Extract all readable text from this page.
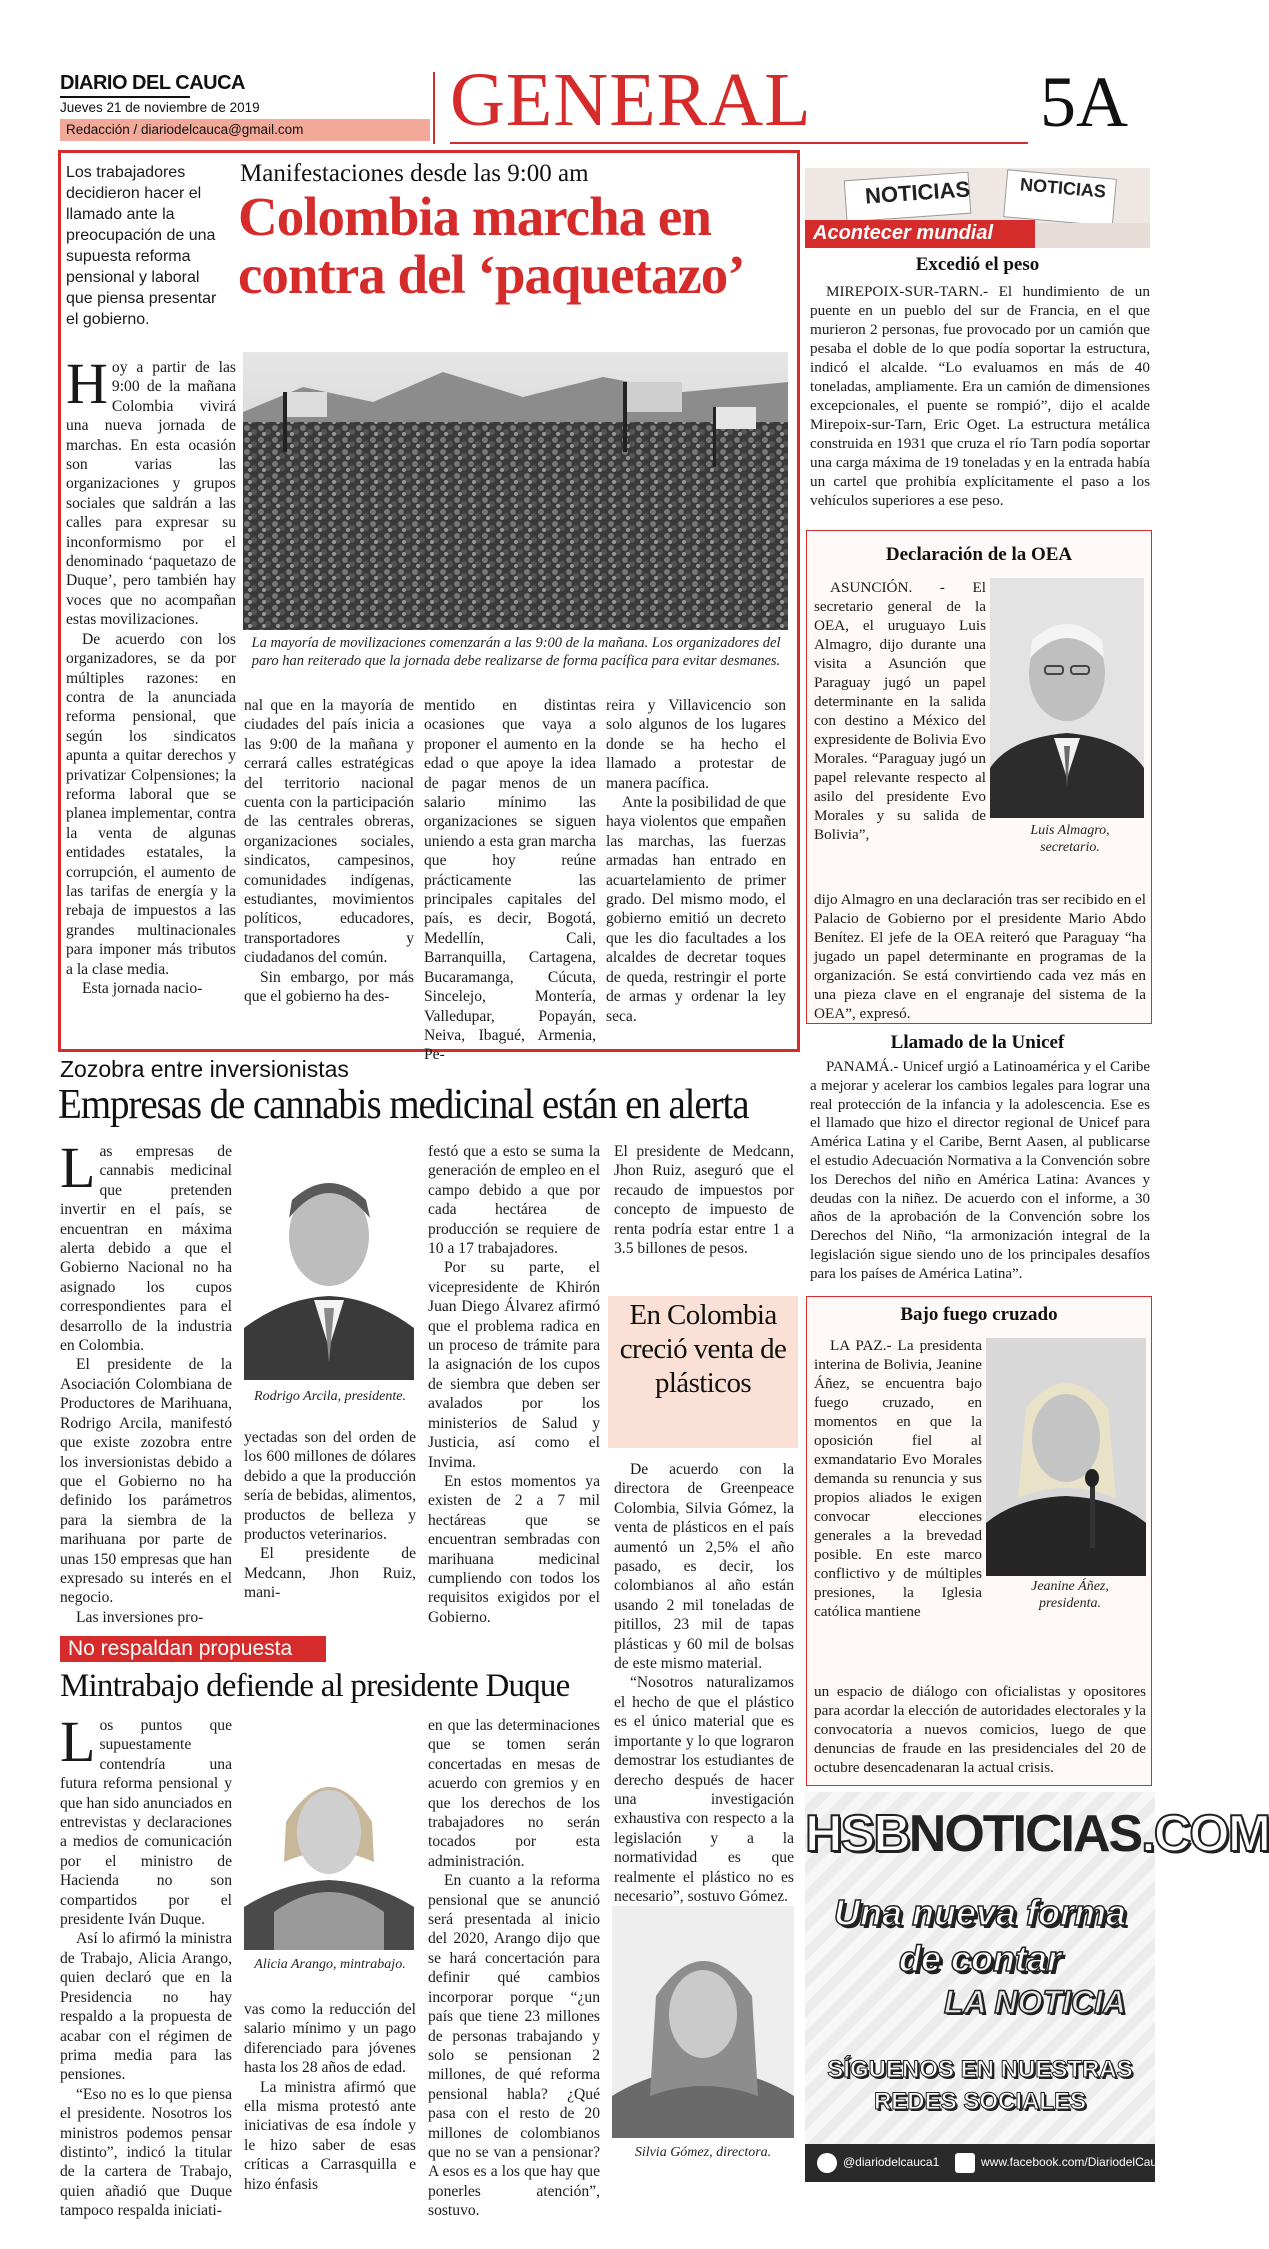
DIARIO DEL CAUCA
Jueves 21 de noviembre de 2019
Redacción / diariodelcauca@gmail.com GENERAL	5A
Los trabajadores decidieron hacer el llamado ante la preocupación de una supuesta reforma pensional y laboral que piensa presentar el gobierno.
Manifestaciones desde las 9:00 am
Colombia marcha en contra del ‘paquetazo’
La mayoría de movilizaciones comenzarán a las 9:00 de la mañana. Los organizadores del paro han reiterado que la jornada debe realizarse de forma pacífica para evitar desmanes.

Hoy a partir de las 9:00 de la mañana Colombia vivirá una nueva jornada de marchas. En esta ocasión son varias las organizaciones y grupos sociales que saldrán a las calles para expresar su inconformismo por el denominado ‘paquetazo de Duque’, pero también hay voces que no acompañan estas movilizaciones.

De acuerdo con los organizadores, se da por múltiples razones: en contra de la anunciada reforma pensional, que según los sindicatos apunta a quitar derechos y privatizar Colpensiones; la reforma laboral que se planea implementar, contra la venta de algunas entidades estatales, la corrupción, el aumento de las tarifas de energía y la rebaja de impuestos a las grandes multinacionales para imponer más tributos a la clase media.

Esta jornada nacio-

nal que en la mayoría de ciudades del país inicia a las 9:00 de la mañana y cerrará calles estratégicas del territorio nacional cuenta con la participación de las centrales obreras, organizaciones sociales, sindicatos, campesinos, comunidades indígenas, estudiantes, movimientos políticos, educadores, transportadores y ciudadanos del común.

Sin embargo, por más que el gobierno ha des-

mentido en distintas ocasiones que vaya a proponer el aumento en la edad o que apoye la idea de pagar menos de un salario mínimo las organizaciones se siguen uniendo a esta gran marcha que hoy reúne prácticamente las principales capitales del país, es decir, Bogotá, Medellín, Cali, Barranquilla, Cartagena, Bucaramanga, Cúcuta, Sincelejo, Montería, Valledupar, Popayán, Neiva, Ibagué, Armenia, Pe-

reira y Villavicencio son solo algunos de los lugares donde se ha hecho el llamado a protestar de manera pacífica.

Ante la posibilidad de que haya violentos que empañen las marchas, las fuerzas armadas han entrado en acuartelamiento de primer grado. Del mismo modo, el gobierno emitió un decreto que les dio facultades a los alcaldes de decretar toques de queda, restringir el porte de armas y ordenar la ley seca.

NOTICIAS	NOTICIAS
Acontecer mundial
Excedió el peso
MIREPOIX-SUR-TARN.- El hundimiento de un puente en un pueblo del sur de Francia, en el que murieron 2 personas, fue provocado por un camión que pesaba el doble de lo que podía soportar la estructura, indicó el alcalde. “Lo evaluamos en más de 40 toneladas, ampliamente. Era un camión de dimensiones excepcionales, el puente se rompió”, dijo el acalde Mirepoix-sur-Tarn, Eric Oget. La estructura metálica construida en 1931 que cruza el río Tarn podía soportar una carga máxima de 19 toneladas y en la entrada había un cartel que prohibía explícitamente el paso a los vehículos superiores a ese peso.
Declaración de la OEA
ASUNCIÓN. - El secretario general de la OEA, el uruguayo Luis Almagro, dijo durante una visita a Asunción que Paraguay jugó un papel determinante en la salida con destino a México del expresidente de Bolivia Evo Morales. “Paraguay jugó un papel relevante respecto al asilo del presidente Evo Morales y su salida de Bolivia”,	Luis Almagro, secretario.
dijo Almagro en una declaración tras ser recibido en el Palacio de Gobierno por el presidente Mario Abdo Benítez. El jefe de la OEA reiteró que Paraguay “ha jugado un papel determinante en programas de la organización. Se está convirtiendo cada vez más en una pieza clave en el engranaje del sistema de la OEA”, expresó.
Llamado de la Unicef
PANAMÁ.- Unicef urgió a Latinoamérica y el Caribe a mejorar y acelerar los cambios legales para lograr una real protección de la infancia y la adolescencia. Ese es el llamado que hizo el director regional de Unicef para América Latina y el Caribe, Bernt Aasen, al publicarse el estudio Adecuación Normativa a la Convención sobre los Derechos del niño en América Latina: Avances y deudas con la niñez. De acuerdo con el informe, a 30 años de la aprobación de la Convención sobre los Derechos del Niño, “la armonización integral de la legislación sigue siendo uno de los principales desafíos para los países de América Latina”.
Bajo fuego cruzado
LA PAZ.- La presidenta interina de Bolivia, Jeanine Áñez, se encuentra bajo fuego cruzado, en momentos en que la oposición fiel al exmandatario Evo Morales demanda su renuncia y sus propios aliados le exigen convocar elecciones generales a la brevedad posible. En este marco conflictivo y de múltiples presiones, la Iglesia católica mantiene
Jeanine Áñez, presidenta.
un espacio de diálogo con oficialistas y opositores para acordar la elección de autoridades electorales y la convocatoria a nuevos comicios, luego de que denuncias de fraude en las presidenciales del 20 de octubre desencadenaran la actual crisis.
HSBNOTICIAS.COM
Una nueva forma
de contar
LA NOTICIA
SÍGUENOS EN NUESTRAS
REDES SOCIALES
@diariodelcauca1	www.facebook.com/DiariodelCauca
Zozobra entre inversionistas
Empresas de cannabis medicinal están en alerta

Las empresas de cannabis medicinal que pretenden invertir en el país, se encuentran en máxima alerta debido a que el Gobierno Nacional no ha asignado los cupos correspondientes para el desarrollo de la industria en Colombia.

El presidente de la Asociación Colombiana de Productores de Marihuana, Rodrigo Arcila, manifestó que existe zozobra entre los inversionistas debido a que el Gobierno no ha definido los parámetros para la siembra de la marihuana por parte de unas 150 empresas que han expresado su interés en el negocio.

Las inversiones pro-

Rodrigo Arcila, presidente.

yectadas son del orden de los 600 millones de dólares debido a que la producción sería de bebidas, alimentos, productos de belleza y productos veterinarios.

El presidente de Medcann, Jhon Ruiz, mani-

festó que a esto se suma la generación de empleo en el campo debido a que por cada hectárea de producción se requiere de 10 a 17 trabajadores.

Por su parte, el vicepresidente de Khirón Juan Diego Álvarez afirmó que el problema radica en un proceso de trámite para la asignación de los cupos de siembra que deben ser avalados por los ministerios de Salud y Justicia, así como el Invima.

En estos momentos ya existen de 2 a 7 mil hectáreas que se encuentran sembradas con marihuana medicinal cumpliendo con todos los requisitos exigidos por el Gobierno.

El presidente de Medcann, Jhon Ruiz, aseguró que el recaudo de impuestos por concepto de impuesto de renta podría estar entre 1 a 3.5 billones de pesos.

En Colombia creció venta de plásticos

De acuerdo con la directora de Greenpeace Colombia, Silvia Gómez, la venta de plásticos en el país aumentó un 2,5% el año pasado, es decir, los colombianos al año están usando 2 mil toneladas de pitillos, 23 mil de tapas plásticas y 60 mil de bolsas de este mismo material.

“Nosotros naturalizamos el hecho de que el plástico es el único material que es importante y lo que lograron demostrar los estudiantes de derecho después de hacer una investigación exhaustiva con respecto a la legislación y a la normatividad es que realmente el plástico no es necesario”, sostuvo Gómez.

Silvia Gómez, directora.
No respaldan propuesta
Mintrabajo defiende al presidente Duque

Los puntos que supuestamente contendría una futura reforma pensional y que han sido anunciados en entrevistas y declaraciones a medios de comunicación por el ministro de Hacienda no son compartidos por el presidente Iván Duque.

Así lo afirmó la ministra de Trabajo, Alicia Arango, quien declaró que en la Presidencia no hay respaldo a la propuesta de acabar con el régimen de prima media para las pensiones.

“Eso no es lo que piensa el presidente. Nosotros los ministros podemos pensar distinto”, indicó la titular de la cartera de Trabajo, quien añadió que Duque tampoco respalda iniciati-

Alicia Arango, mintrabajo.

vas como la reducción del salario mínimo y un pago diferenciado para jóvenes hasta los 28 años de edad.

La ministra afirmó que ella misma protestó ante iniciativas de esa índole y le hizo saber de esas críticas a Carrasquilla e hizo énfasis

en que las determinaciones que se tomen serán concertadas en mesas de acuerdo con gremios y en que los derechos de los trabajadores no serán tocados por esta administración.

En cuanto a la reforma pensional que se anunció será presentada al inicio del 2020, Arango dijo que se hará concertación para definir qué cambios incorporar porque “¿un país que tiene 23 millones de personas trabajando y solo se pensionan 2 millones, de qué reforma pensional habla? ¿Qué pasa con el resto de 20 millones de colombianos que no se van a pensionar? A esos es a los que hay que ponerles atención”, sostuvo.
